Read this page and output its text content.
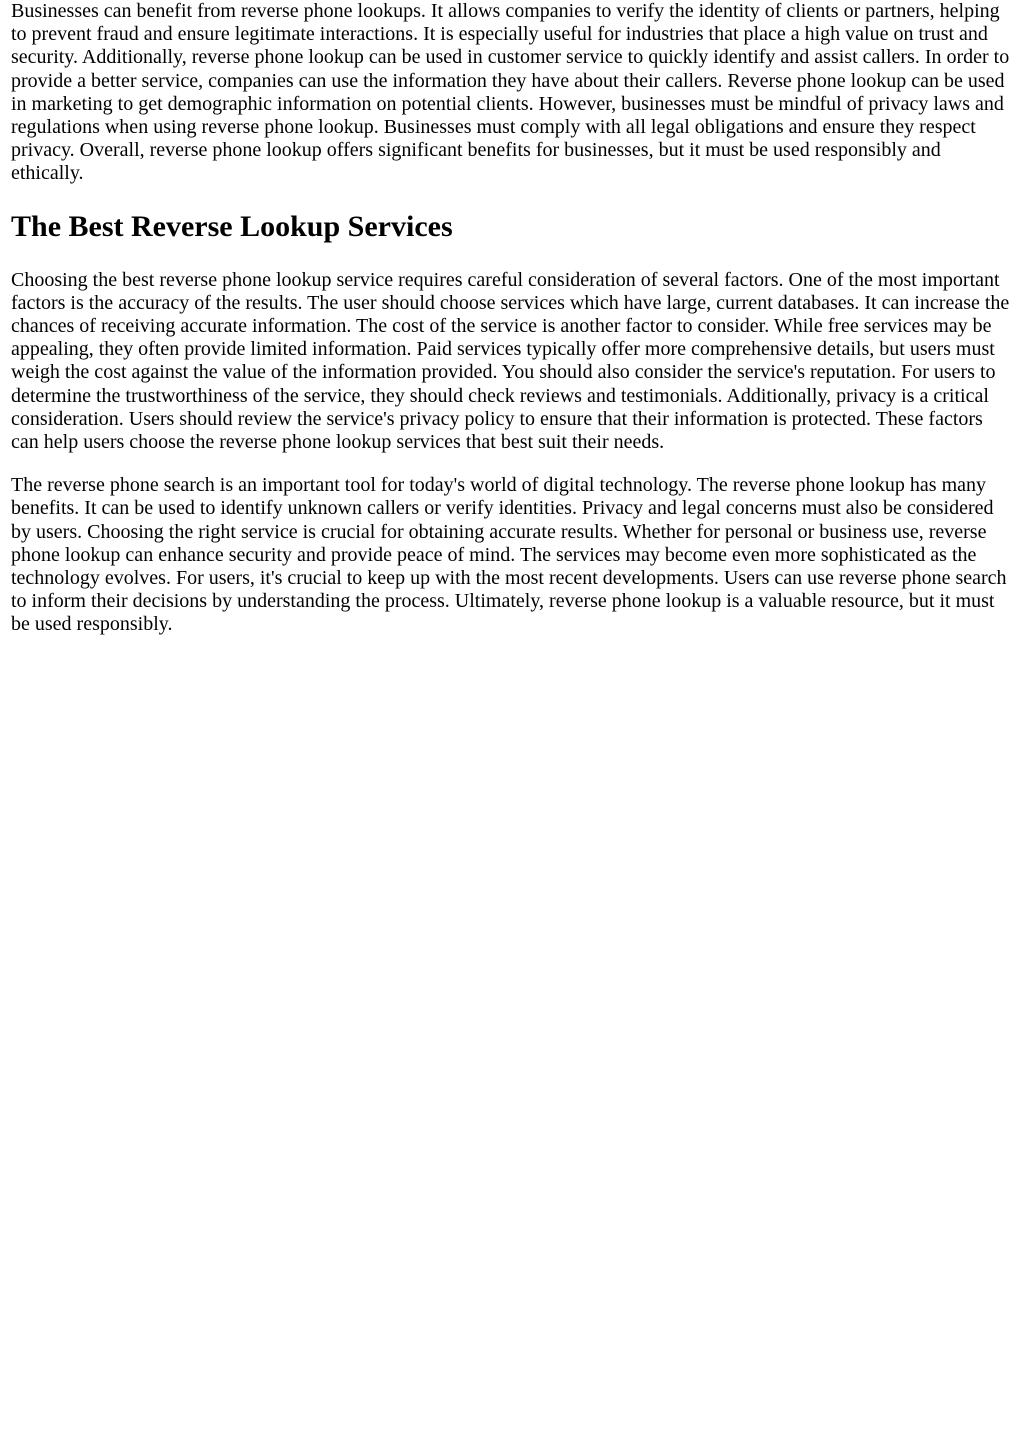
Businesses can benefit from reverse phone lookups. It allows companies to verify the identity of clients or partners, helping to prevent fraud and ensure legitimate interactions. It is especially useful for industries that place a high value on trust and security. Additionally, reverse phone lookup can be used in customer service to quickly identify and assist callers. In order to provide a better service, companies can use the information they have about their callers. Reverse phone lookup can be used in marketing to get demographic information on potential clients. However, businesses must be mindful of privacy laws and regulations when using reverse phone lookup. Businesses must comply with all legal obligations and ensure they respect privacy. Overall, reverse phone lookup offers significant benefits for businesses, but it must be used responsibly and ethically.

The Best Reverse Lookup Services

Choosing the best reverse phone lookup service requires careful consideration of several factors. One of the most important factors is the accuracy of the results. The user should choose services which have large, current databases. It can increase the chances of receiving accurate information. The cost of the service is another factor to consider. While free services may be appealing, they often provide limited information. Paid services typically offer more comprehensive details, but users must weigh the cost against the value of the information provided. You should also consider the service's reputation. For users to determine the trustworthiness of the service, they should check reviews and testimonials. Additionally, privacy is a critical consideration. Users should review the service's privacy policy to ensure that their information is protected. These factors can help users choose the reverse phone lookup services that best suit their needs.

The reverse phone search is an important tool for today's world of digital technology. The reverse phone lookup has many benefits. It can be used to identify unknown callers or verify identities. Privacy and legal concerns must also be considered by users. Choosing the right service is crucial for obtaining accurate results. Whether for personal or business use, reverse phone lookup can enhance security and provide peace of mind. The services may become even more sophisticated as the technology evolves. For users, it's crucial to keep up with the most recent developments. Users can use reverse phone search to inform their decisions by understanding the process. Ultimately, reverse phone lookup is a valuable resource, but it must be used responsibly.
